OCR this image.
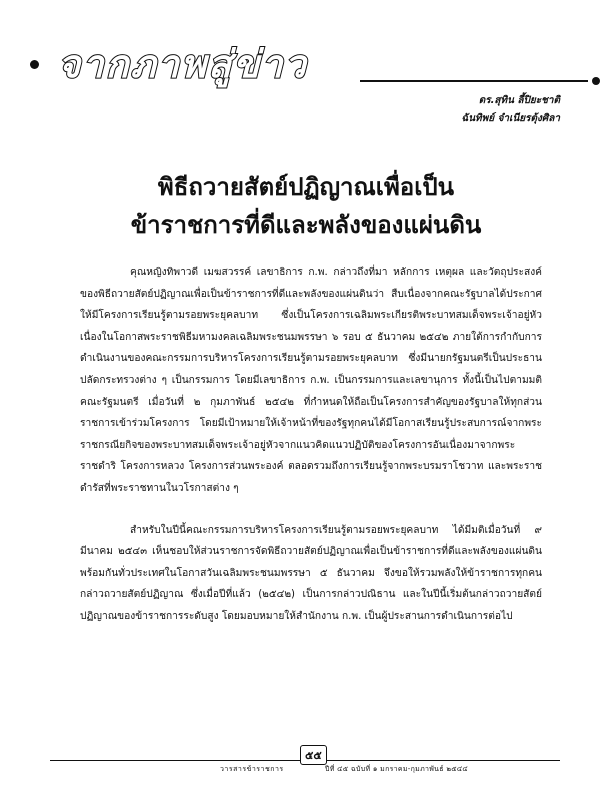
จากภาพสู่ข่าว
ดร.สุทิน ลี้ปิยะชาติ
ฉันทิพย์ จำเนียรตุ้งศิลา
พิธีถวายสัตย์ปฏิญาณเพื่อเป็น
ข้าราชการที่ดีและพลังของแผ่นดิน

คุณหญิงทิพาวดี เมฆสวรรค์ เลขาธิการ ก.พ. กล่าวถึงที่มา หลักการ เหตุผล และวัตถุประสงค์ของพิธีถวายสัตย์ปฏิญาณเพื่อเป็นข้าราชการที่ดีและพลังของแผ่นดินว่า สืบเนื่องจากคณะรัฐบาลได้ประกาศให้มีโครงการเรียนรู้ตามรอยพระยุคลบาท ซึ่งเป็นโครงการเฉลิมพระเกียรติพระบาทสมเด็จพระเจ้าอยู่หัว เนื่องในโอกาสพระราชพิธีมหามงคลเฉลิมพระชนมพรรษา ๖ รอบ ๕ ธันวาคม ๒๕๔๒ ภายใต้การกำกับการดำเนินงานของคณะกรรมการบริหารโครงการเรียนรู้ตามรอยพระยุคลบาท ซึ่งมีนายกรัฐมนตรีเป็นประธาน ปลัดกระทรวงต่าง ๆ เป็นกรรมการ โดยมีเลขาธิการ ก.พ. เป็นกรรมการและเลขานุการ ทั้งนี้เป็นไปตามมติคณะรัฐมนตรี เมื่อวันที่ ๒ กุมภาพันธ์ ๒๕๔๒ ที่กำหนดให้ถือเป็นโครงการสำคัญของรัฐบาลให้ทุกส่วนราชการเข้าร่วมโครงการ โดยมีเป้าหมายให้เจ้าหน้าที่ของรัฐทุกคนได้มีโอกาสเรียนรู้ประสบการณ์จากพระราชกรณียกิจของพระบาทสมเด็จพระเจ้าอยู่หัวจากแนวคิดแนวปฏิบัติของโครงการอันเนื่องมาจากพระราชดำริ โครงการหลวง โครงการส่วนพระองค์ ตลอดรวมถึงการเรียนรู้จากพระบรมราโชวาท และพระราชดำรัสที่พระราชทานในวโรกาสต่าง ๆ

สำหรับในปีนี้คณะกรรมการบริหารโครงการเรียนรู้ตามรอยพระยุคลบาท ได้มีมติเมื่อวันที่ ๙ มีนาคม ๒๕๔๓ เห็นชอบให้ส่วนราชการจัดพิธีถวายสัตย์ปฏิญาณเพื่อเป็นข้าราชการที่ดีและพลังของแผ่นดิน พร้อมกันทั่วประเทศในโอกาสวันเฉลิมพระชนมพรรษา ๕ ธันวาคม จึงขอให้รวมพลังให้ข้าราชการทุกคนกล่าวถวายสัตย์ปฏิญาณ ซึ่งเมื่อปีที่แล้ว (๒๕๔๒) เป็นการกล่าวปณิธาน และในปีนี้เริ่มต้นกล่าวถวายสัตย์ปฏิญาณของข้าราชการระดับสูง โดยมอบหมายให้สำนักงาน ก.พ. เป็นผู้ประสานการดำเนินการต่อไป

วารสารข้าราชการ
๕๕
ปีที่ ๔๕ ฉบับที่ ๑ มกราคม-กุมภาพันธ์ ๒๕๔๔
